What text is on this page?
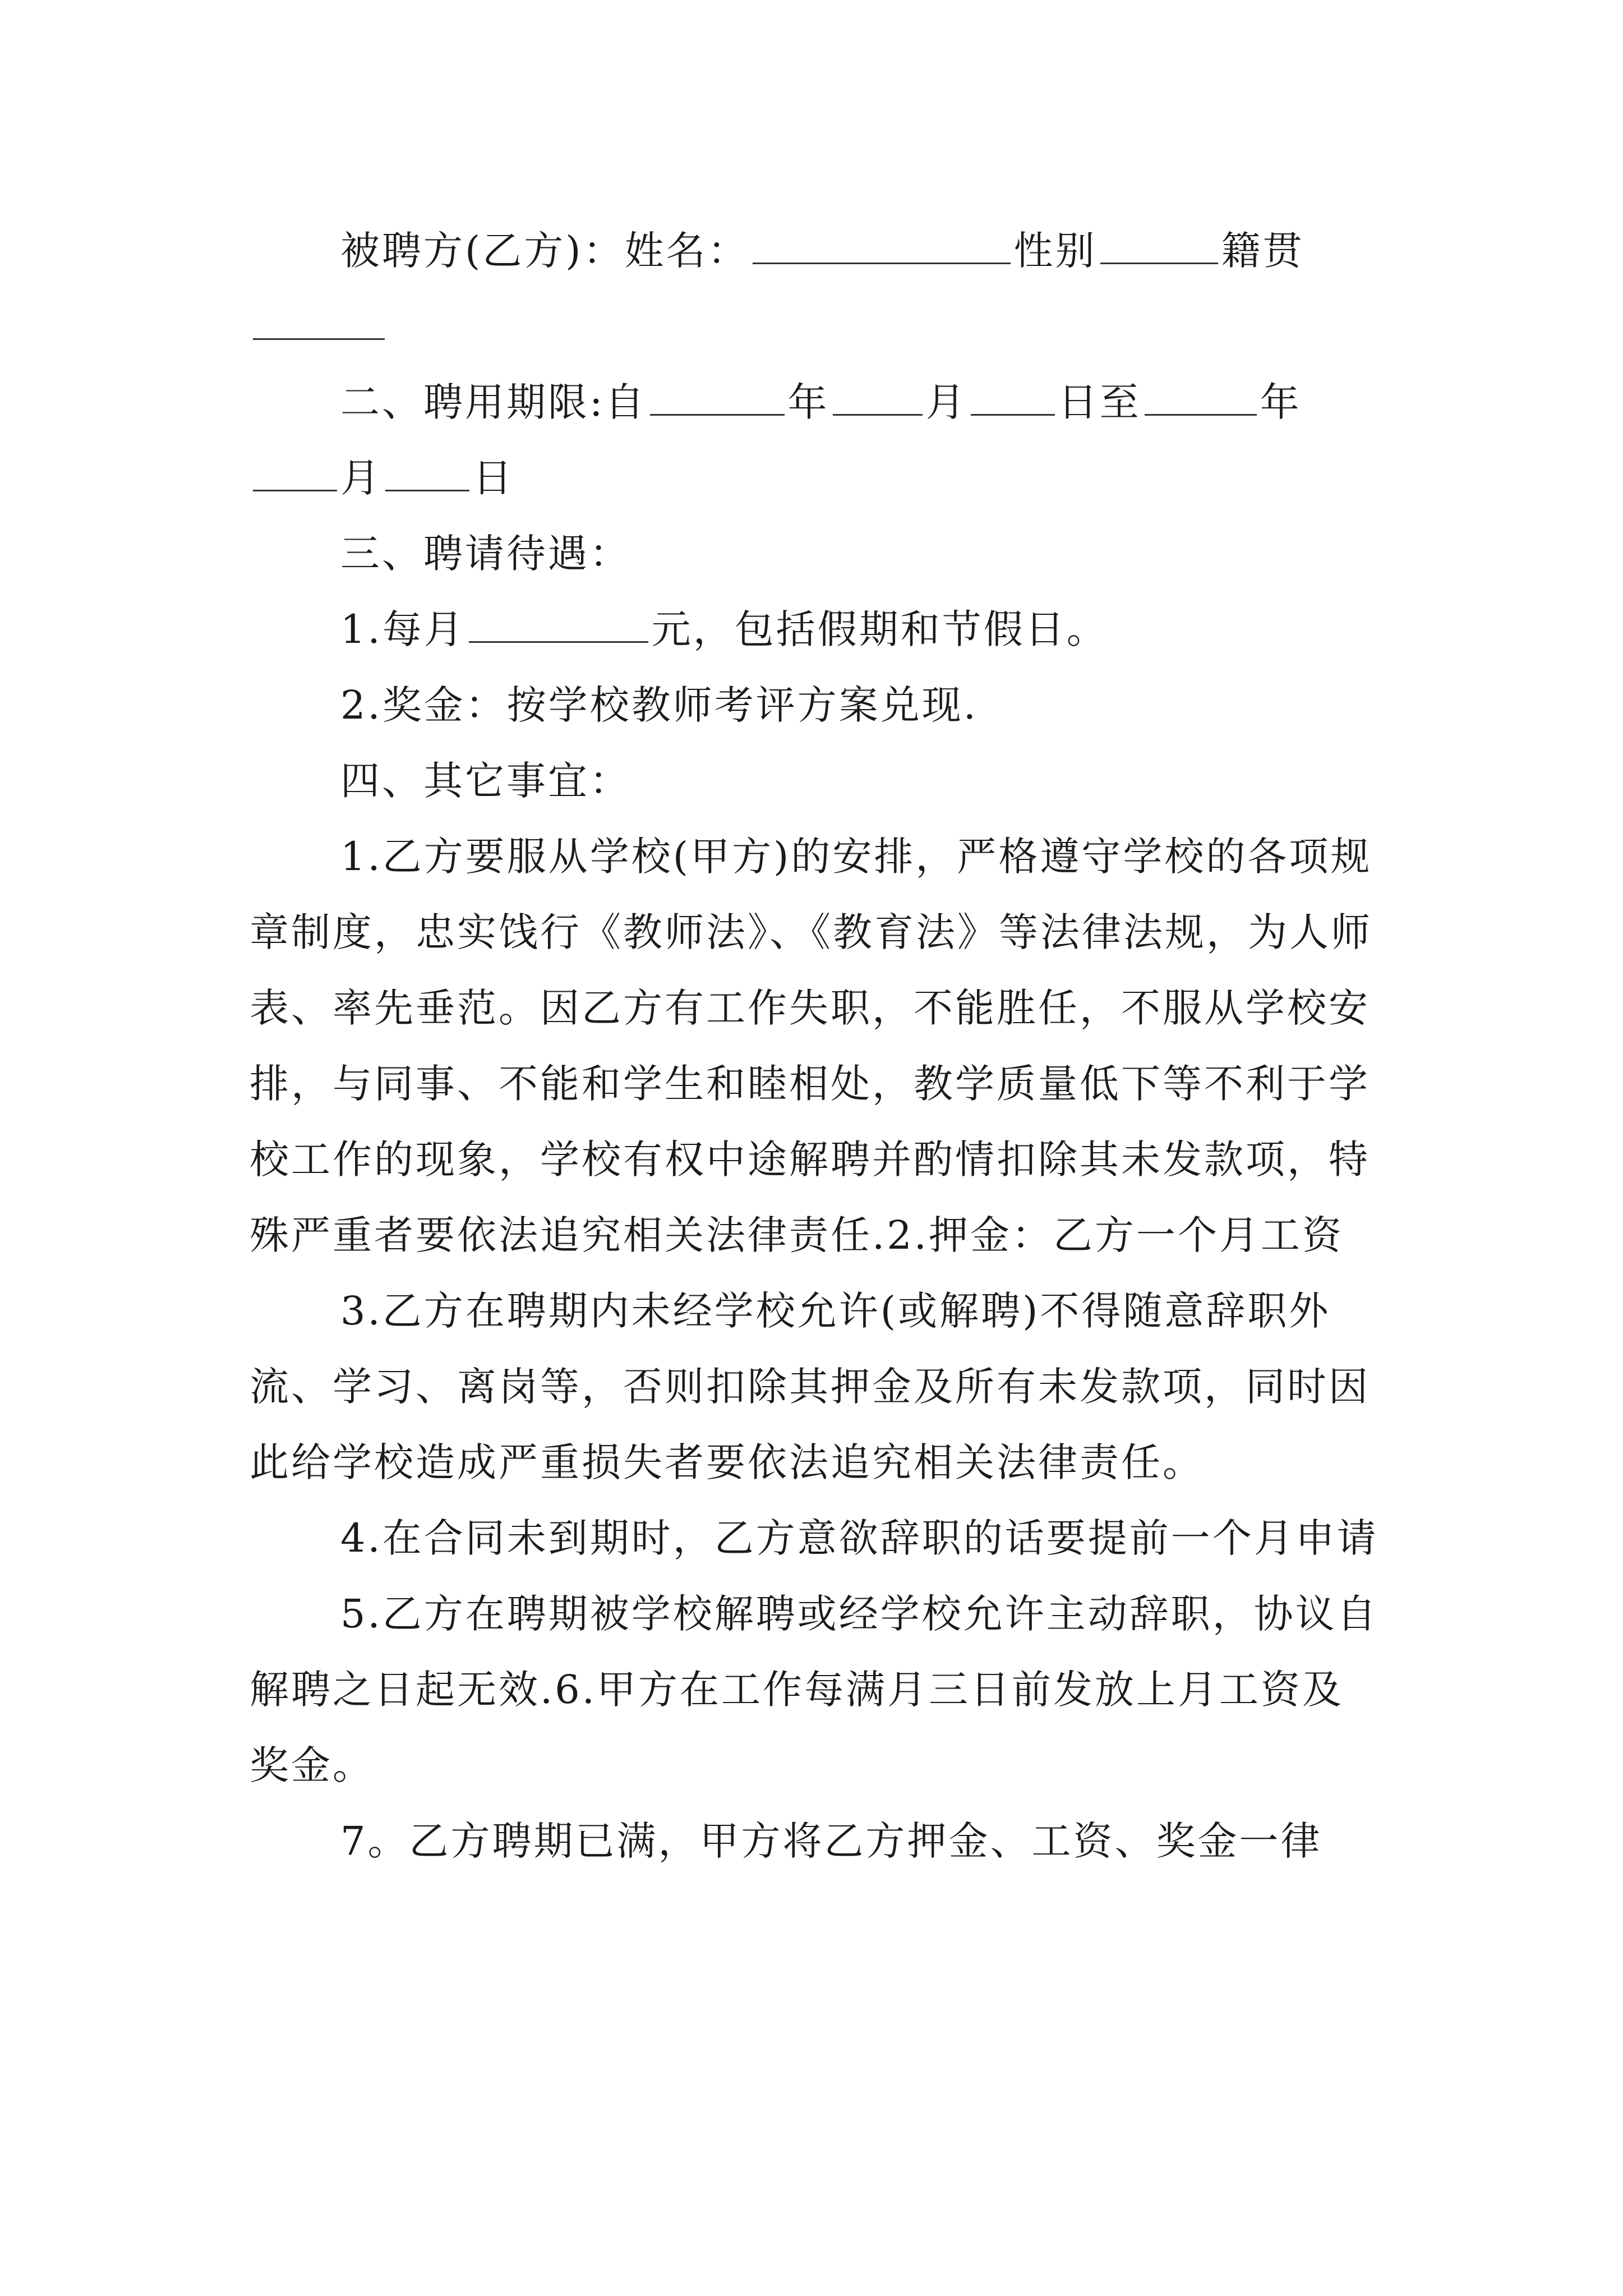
被聘方(乙方)：姓名：	性别	籍贯

二、聘用期限:自	年 月 日至	年月 日

三、聘请待遇：

1.每月	元，包括假期和节假日。

2.奖金：按学校教师考评方案兑现.

四、其它事宜：

1.乙方要服从学校(甲方)的安排，严格遵守学校的各项规章制度，忠实饯行《教师法》、《教育法》等法律法规，为人师表、率先垂范。因乙方有工作失职，不能胜任，不服从学校安排，与同事、不能和学生和睦相处，教学质量低下等不利于学校工作的现象，学校有权中途解聘并酌情扣除其未发款项，特殊严重者要依法追究相关法律责任.2.押金：乙方一个月工资

3.乙方在聘期内未经学校允许(或解聘)不得随意辞职外流、学习、离岗等，否则扣除其押金及所有未发款项，同时因此给学校造成严重损失者要依法追究相关法律责任。

4.在合同未到期时，乙方意欲辞职的话要提前一个月申请

5.乙方在聘期被学校解聘或经学校允许主动辞职，协议自解聘之日起无效.6.甲方在工作每满月三日前发放上月工资及奖金。

7。乙方聘期已满，甲方将乙方押金、工资、奖金一律
